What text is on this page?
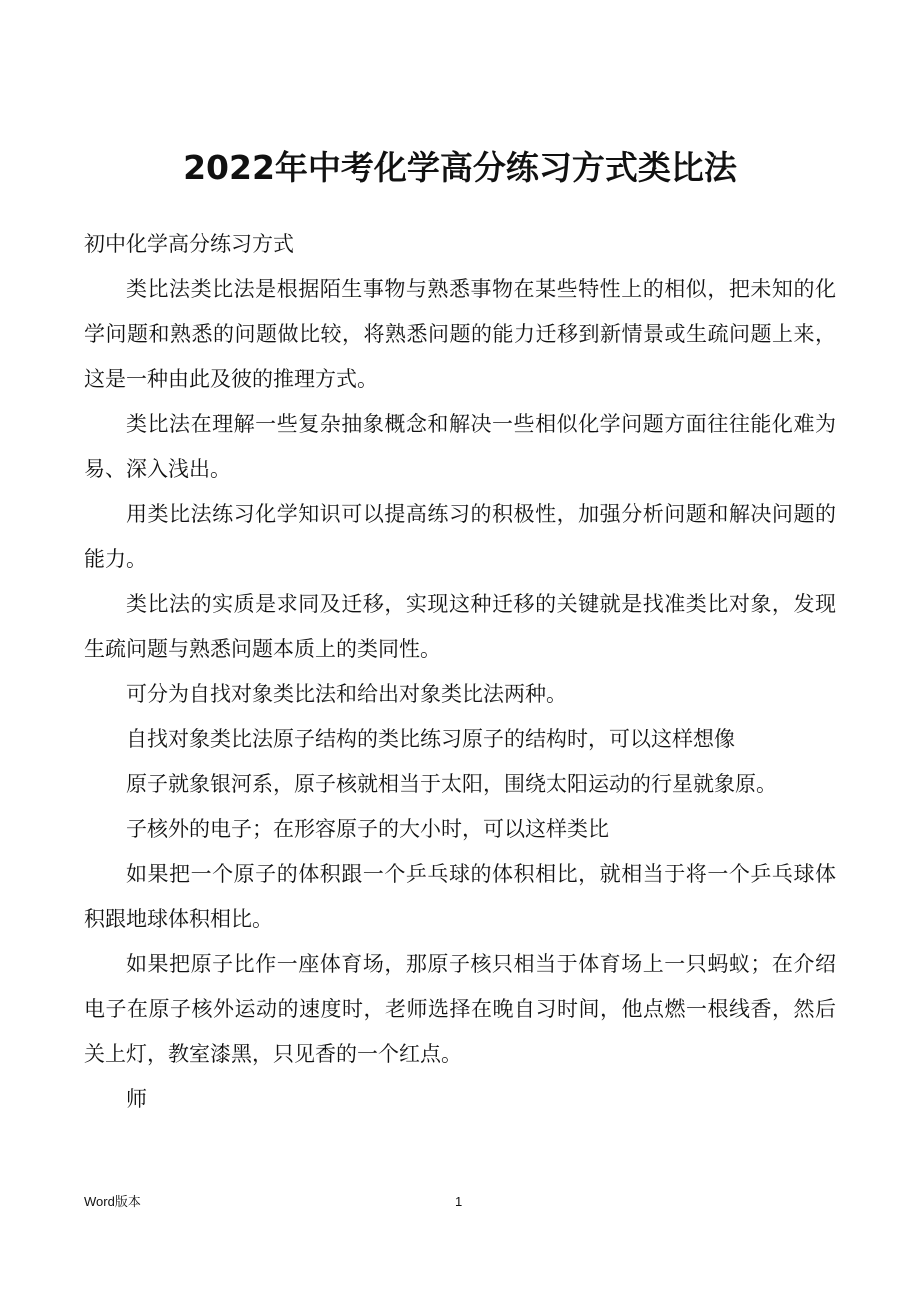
2022年中考化学高分练习方式类比法

初中化学高分练习方式

类比法类比法是根据陌生事物与熟悉事物在某些特性上的相似，把未知的化学问题和熟悉的问题做比较，将熟悉问题的能力迁移到新情景或生疏问题上来，这是一种由此及彼的推理方式。

类比法在理解一些复杂抽象概念和解决一些相似化学问题方面往往能化难为易、深入浅出。

用类比法练习化学知识可以提高练习的积极性，加强分析问题和解决问题的能力。

类比法的实质是求同及迁移，实现这种迁移的关键就是找准类比对象，发现生疏问题与熟悉问题本质上的类同性。

可分为自找对象类比法和给出对象类比法两种。

自找对象类比法原子结构的类比练习原子的结构时，可以这样想像

原子就象银河系，原子核就相当于太阳，围绕太阳运动的行星就象原。

子核外的电子；在形容原子的大小时，可以这样类比

如果把一个原子的体积跟一个乒乓球的体积相比，就相当于将一个乒乓球体积跟地球体积相比。

如果把原子比作一座体育场，那原子核只相当于体育场上一只蚂蚁；在介绍电子在原子核外运动的速度时，老师选择在晚自习时间，他点燃一根线香，然后关上灯，教室漆黑，只见香的一个红点。

师

Word版本	1
